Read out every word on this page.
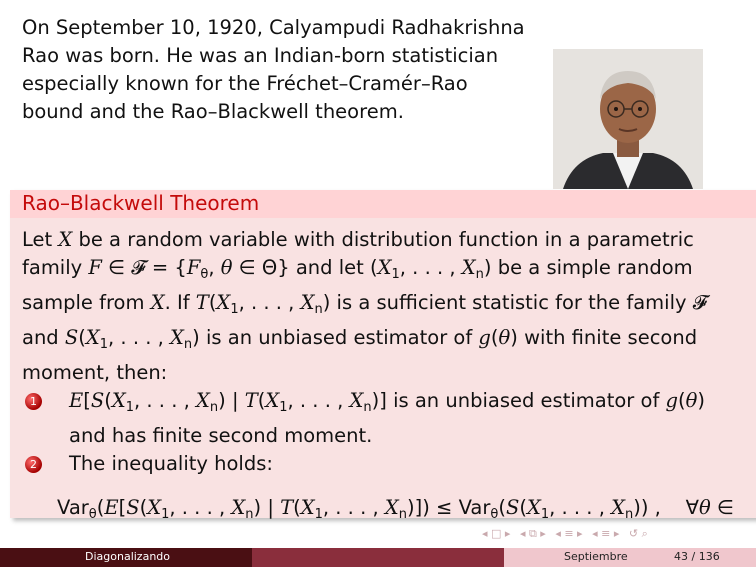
On September 10, 1920, Calyampudi Radhakrishna
Rao was born. He was an Indian-born statistician
especially known for the Fréchet–Cramér–Rao
bound and the Rao–Blackwell theorem.
Rao–Blackwell Theorem
Let X be a random variable with distribution function in a parametric
family F ∈ 𝓕 = {$F_\theta$, θ ∈ Θ} and let ($X_1$, . . . , $X_n$) be a simple random
sample from X. If $T(X_1$, . . . , $X_n$) is a sufficient statistic for the family 𝓕
and $S(X_1$, . . . , $X_n$) is an unbiased estimator of g(θ) with finite second
moment, then:
1 $E[S(X_1$, . . . , $X_n$) | $T(X_1$, . . . , $X_n$)] is an unbiased estimator of g(θ)
and has finite second moment.
2 The inequality holds:
$Var_\theta(E[S(X_1$, . . . , $X_n$) | $T(X_1$, . . . , $X_n)]) \le Var_\theta(S(X_1$, . . . , $X_n$)) ,    ∀θ ∈
◂ □ ▸ ◂ ⧉ ▸ ◂ ≡ ▸ ◂ ≡ ▸ ↺ ⌕
Diagonalizando	Septiembre	43 / 136
